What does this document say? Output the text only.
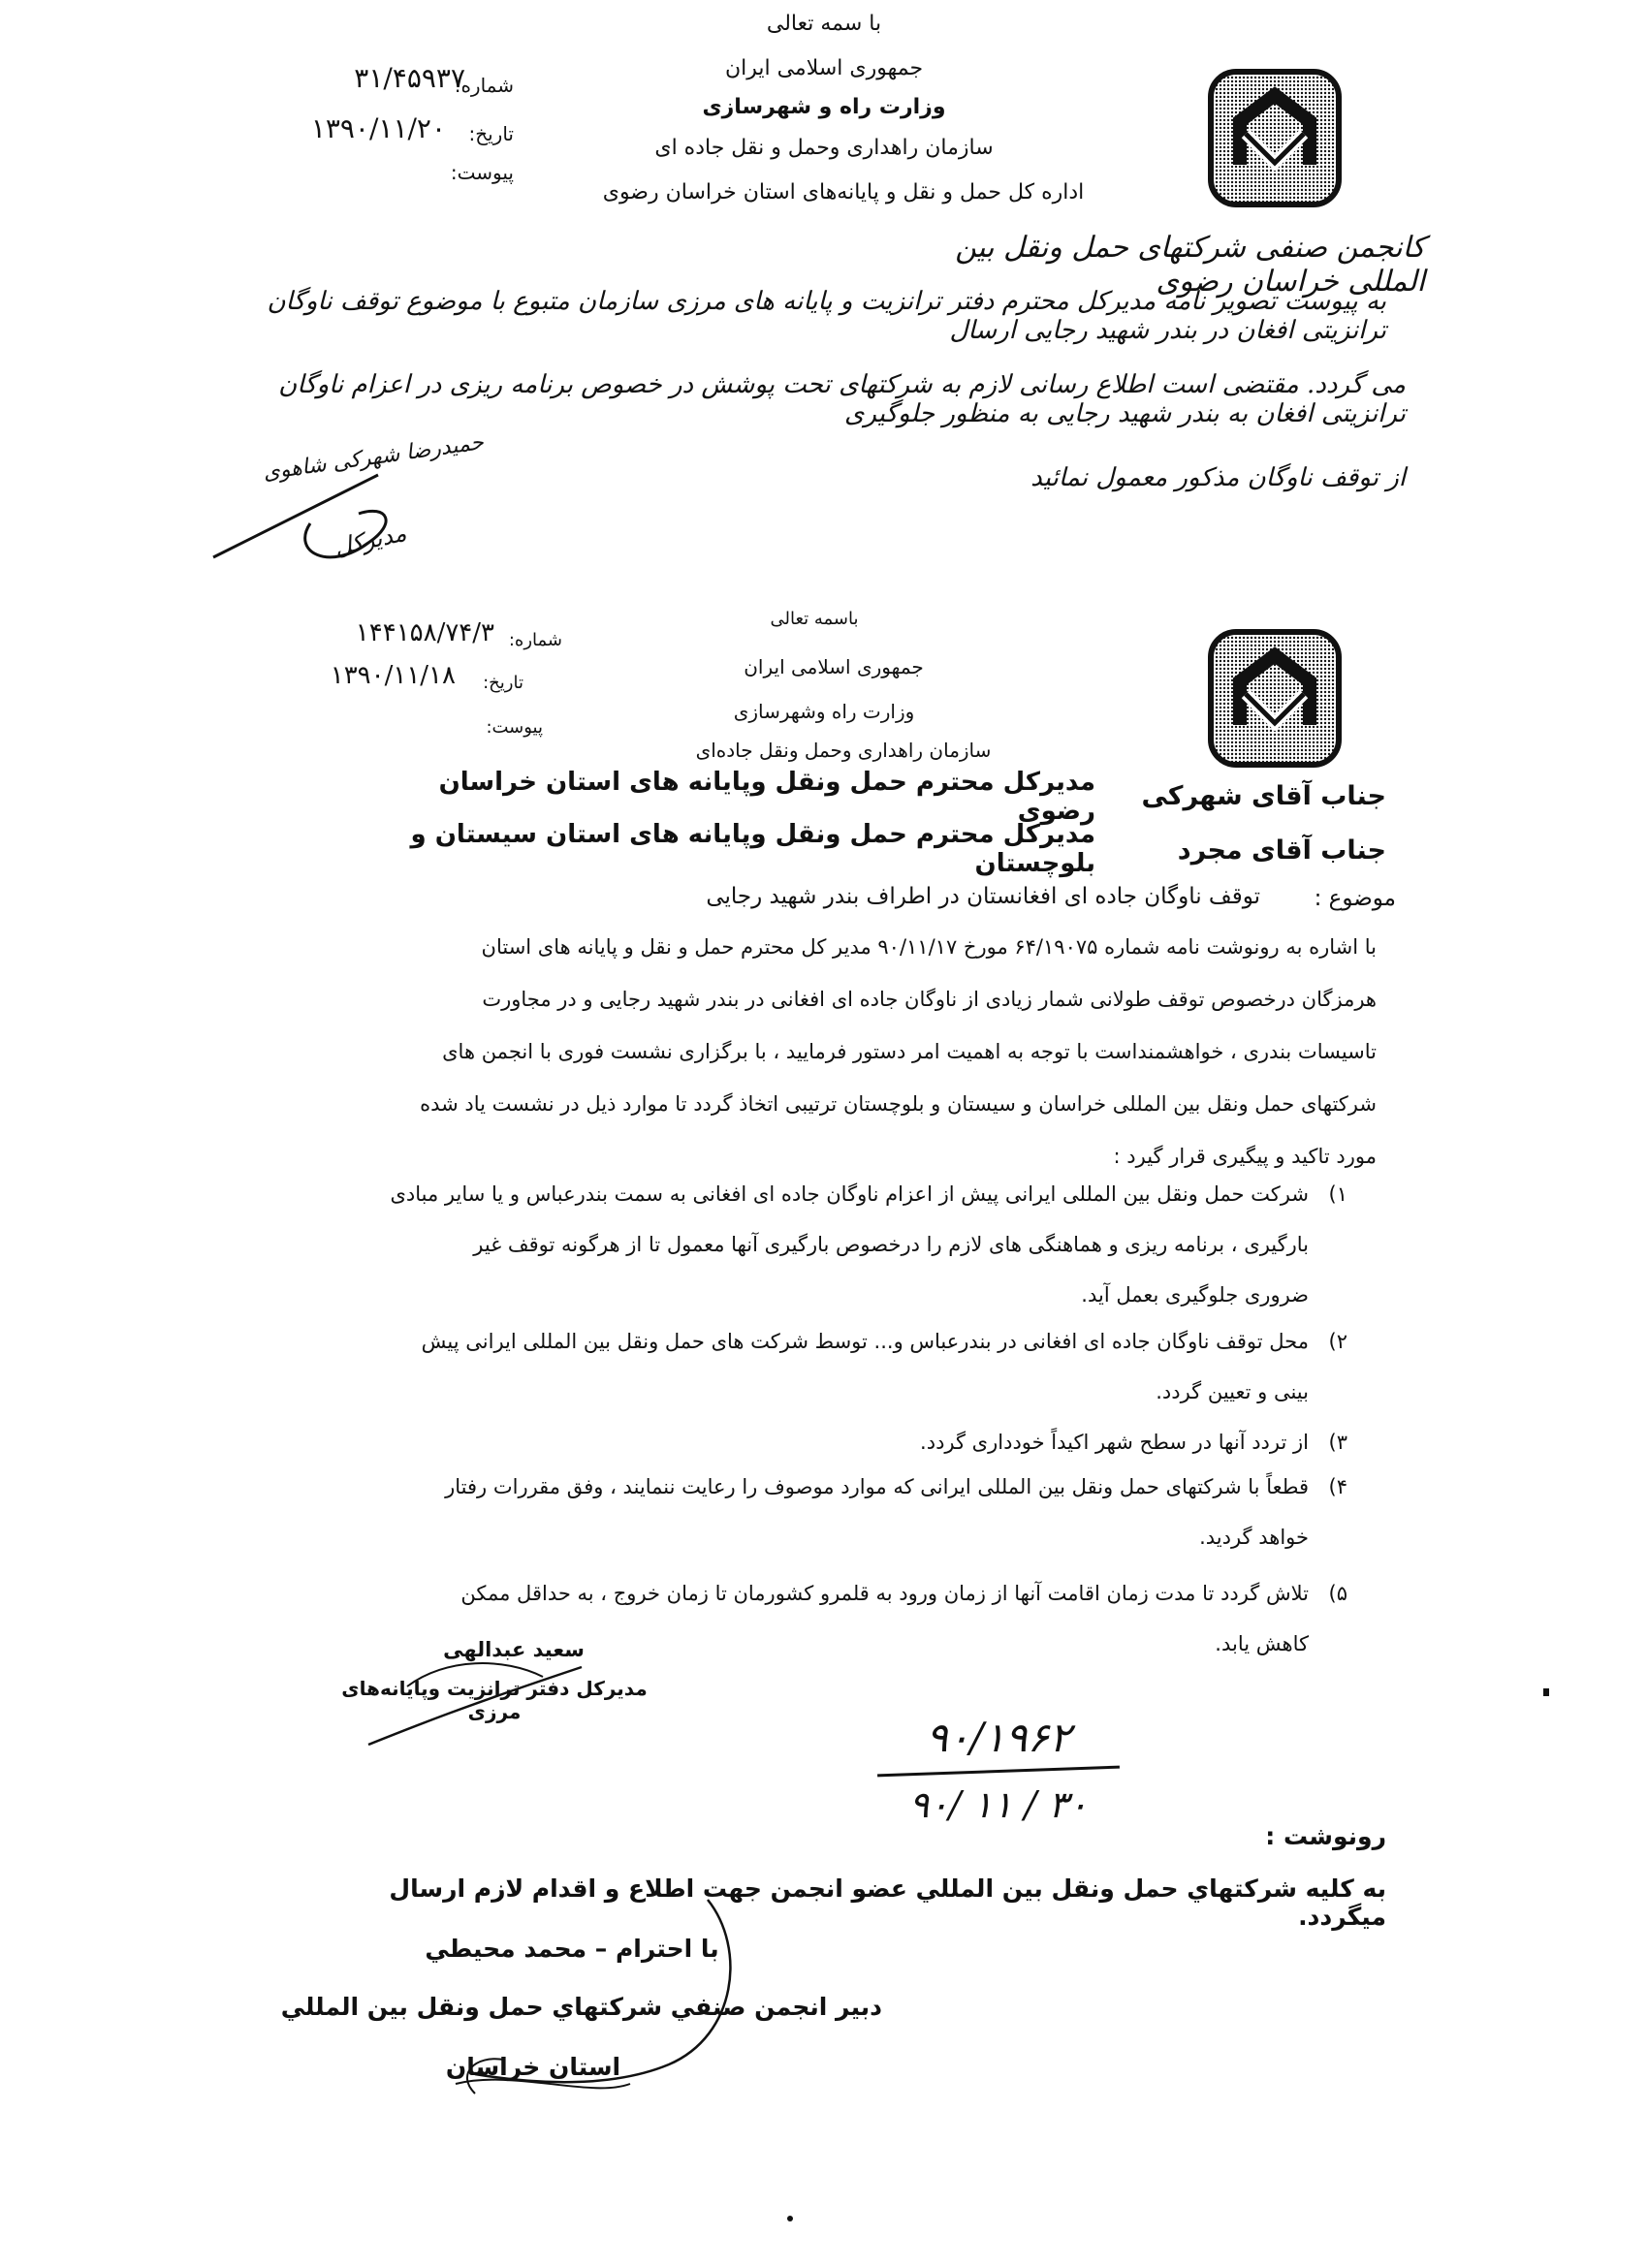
با سمه تعالی
جمهوری اسلامی ایران
وزارت راه و شهرسازی
سازمان راهداری وحمل و نقل جاده ای
اداره کل حمل و نقل و پایانه‌های استان خراسان رضوی
شماره:
۳۱/۴۵۹۳۷
تاریخ:
۱۳۹۰/۱۱/۲۰
پیوست:
کانجمن صنفی شرکتهای حمل ونقل بین المللی خراسان رضوی
به پیوست تصویر نامه مدیرکل محترم دفتر ترانزیت و پایانه های مرزی سازمان متبوع با موضوع توقف ناوگان ترانزیتی افغان در بندر شهید رجایی ارسال
می گردد. مقتضی است اطلاع رسانی لازم به شرکتهای تحت پوشش در خصوص برنامه ریزی در اعزام ناوگان ترانزیتی افغان به بندر شهید رجایی به منظور جلوگیری
از توقف ناوگان مذکور معمول نمائید
حمیدرضا شهرکی شاهوی
مدیرکل
باسمه تعالی
جمهوری اسلامی ایران
وزارت راه وشهرسازی
سازمان راهداری وحمل ونقل جاده‌ای
شماره:
۱۴۴۱۵۸/۷۴/۳
تاریخ:
۱۳۹۰/۱۱/۱۸
پیوست:
جناب آقای شهرکی
مدیرکل محترم حمل ونقل وپایانه های استان خراسان رضوی
جناب آقای مجرد
مدیرکل محترم حمل ونقل وپایانه های استان سیستان و بلوچستان
موضوع :
توقف ناوگان جاده ای افغانستان در اطراف بندر شهید رجایی
با اشاره به رونوشت نامه شماره ۶۴/۱۹۰۷۵ مورخ ۹۰/۱۱/۱۷ مدیر کل محترم حمل و نقل و پایانه های استان
هرمزگان درخصوص توقف طولانی شمار زیادی از ناوگان جاده ای افغانی در بندر شهید رجایی و در مجاورت
تاسیسات بندری ، خواهشمنداست با توجه به اهمیت امر دستور فرمایید ، با برگزاری نشست فوری با انجمن های
شرکتهای حمل ونقل بین المللی خراسان و سیستان و بلوچستان ترتیبی اتخاذ گردد تا موارد ذیل در نشست یاد شده
مورد تاکید و پیگیری قرار گیرد :
۱)
شرکت حمل ونقل بین المللی ایرانی پیش از اعزام ناوگان جاده ای افغانی به سمت بندرعباس و یا سایر مبادی
بارگیری ، برنامه ریزی و هماهنگی های لازم را درخصوص بارگیری آنها معمول تا از هرگونه توقف غیر
ضروری جلوگیری بعمل آید.
۲)
محل توقف ناوگان جاده ای افغانی در بندرعباس و... توسط شرکت های حمل ونقل بین المللی ایرانی پیش
بینی و تعیین گردد.
۳)
از تردد آنها در سطح شهر اکیداً خودداری گردد.
۴)
قطعاً با شرکتهای حمل ونقل بین المللی ایرانی که موارد موصوف را رعایت ننمایند ، وفق مقررات رفتار
خواهد گردید.
۵)
تلاش گردد تا مدت زمان اقامت آنها از زمان ورود به قلمرو کشورمان تا زمان خروج ، به حداقل ممکن
کاهش یابد.
سعید عبدالهی
مدیرکل دفتر ترانزیت وپایانه‌های مرزی
۹۰/۱۹۶۲
۹۰/ ۱۱ / ۳۰
رونوشت :
به کلیه شرکتهاي حمل ونقل بین المللي عضو انجمن جهت اطلاع و اقدام لازم ارسال میگردد.
با احترام – محمد محیطي
دبیر انجمن صنفي شرکتهاي حمل ونقل بین المللي
استان خراسان
